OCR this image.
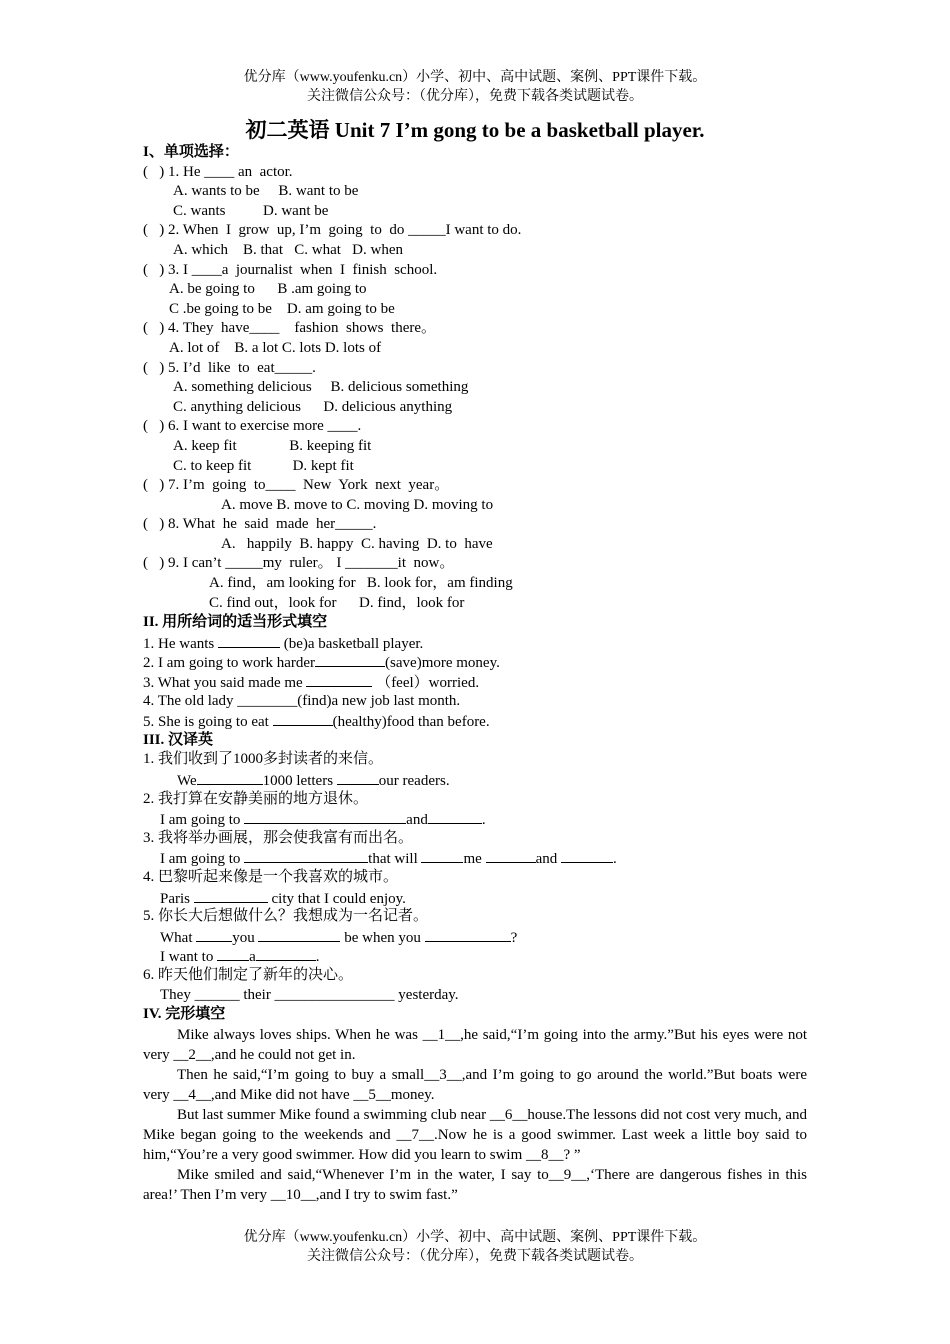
优分库（www.youfenku.cn）小学、初中、高中试题、案例、PPT课件下载。
关注微信公众号：（优分库），免费下载各类试题试卷。
初二英语 Unit 7 I’m gong to be a basketball player.
I、单项选择：
(   ) 1. He ____ an  actor.
A. wants to be     B. want to be
C. wants          D. want be
(   ) 2. When  I  grow  up, I’m  going  to  do _____I want to do.
A. which    B. that   C. what   D. when
(   ) 3. I ____a  journalist  when  I  finish  school.
A. be going to      B .am going to
C .be going to be    D. am going to be
(   ) 4. They  have____    fashion  shows  there。
A. lot of    B. a lot C. lots D. lots of
(   ) 5. I’d  like  to  eat_____.
A. something delicious     B. delicious something
C. anything delicious      D. delicious anything
(   ) 6. I want to exercise more ____.
A. keep fit              B. keeping fit
C. to keep fit           D. kept fit
(   ) 7. I’m  going  to____  New  York  next  year。
A. move B. move to C. moving D. moving to
(   ) 8. What  he  said  made  her_____.
A.   happily  B. happy  C. having  D. to  have
(   ) 9. I can’t _____my  ruler。 I _______it  now。
A. find，am looking for   B. look for，am finding
C. find out，look for      D. find，look for
II. 用所给词的适当形式填空
1. He wants	(be)a basketball player.
2. I am going to work harder	(save)more money.
3. What you said made me	（feel）worried.
4. The old lady ________(find)a new job last month.
5. She is going to eat	(healthy)food than before.
III. 汉译英
1. 我们收到了1000多封读者的来信。
We	1000 letters	our readers.
2. 我打算在安静美丽的地方退休。
I am going to	and	.
3. 我将举办画展，那会使我富有而出名。
I am going to	that will	me	and	.
4. 巴黎听起来像是一个我喜欢的城市。
Paris	city that I could enjoy.
5. 你长大后想做什么？我想成为一名记者。
What you	be when you	?
I want to a	.
6. 昨天他们制定了新年的决心。
They ______ their ________________ yesterday.
IV. 完形填空

Mike always loves ships. When he was __1__,he said,“I’m going into the army.”But his eyes were not very __2__,and he could not get in.

Then he said,“I’m going to buy a small__3__,and I’m going to go around the world.”But boats were very __4__,and Mike did not have __5__money.

But last summer Mike found a swimming club near __6__house.The lessons did not cost very much, and Mike began going to the weekends and __7__.Now he is a good swimmer. Last week a little boy said to him,“You’re a very good swimmer. How did you learn to swim __8__? ”

Mike smiled and said,“Whenever I’m in the water, I say to__9__,‘There are dangerous fishes in this area!’ Then I’m very __10__,and I try to swim fast.”

优分库（www.youfenku.cn）小学、初中、高中试题、案例、PPT课件下载。
关注微信公众号：（优分库），免费下载各类试题试卷。
